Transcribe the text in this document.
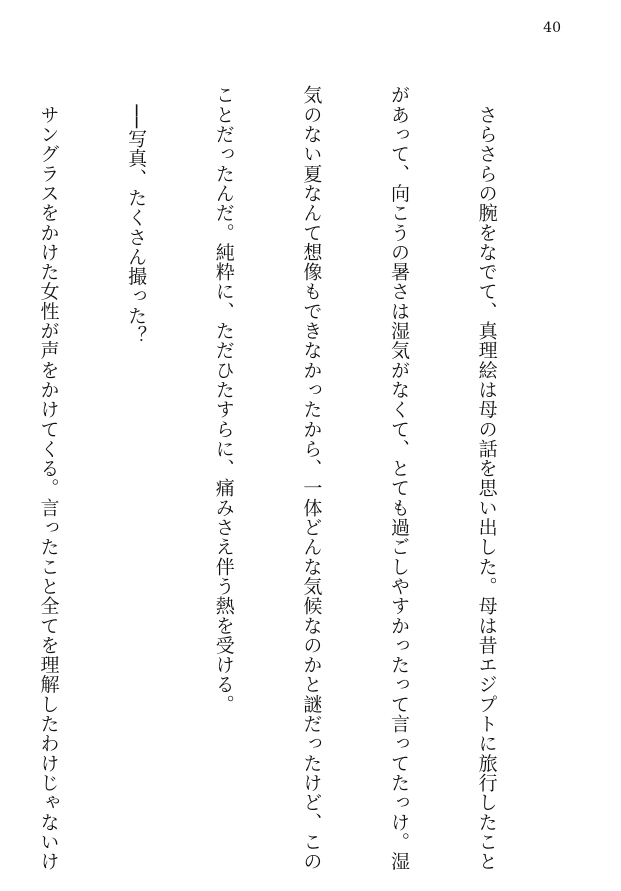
40

　さらさらの腕をなでて、真理絵は母の話を思い出した。母は昔エジプトに旅行したこと

があって、向こうの暑さは湿気がなくて、とても過ごしやすかったって言ってたっけ。湿

気のない夏なんて想像もできなかったから、一体どんな気候なのかと謎だったけど、この

ことだったんだ。純粋に、ただひたすらに、痛みさえ伴う熱を受ける。

　──写真、たくさん撮った？

　サングラスをかけた女性が声をかけてくる。言ったこと全てを理解したわけじゃないけ
